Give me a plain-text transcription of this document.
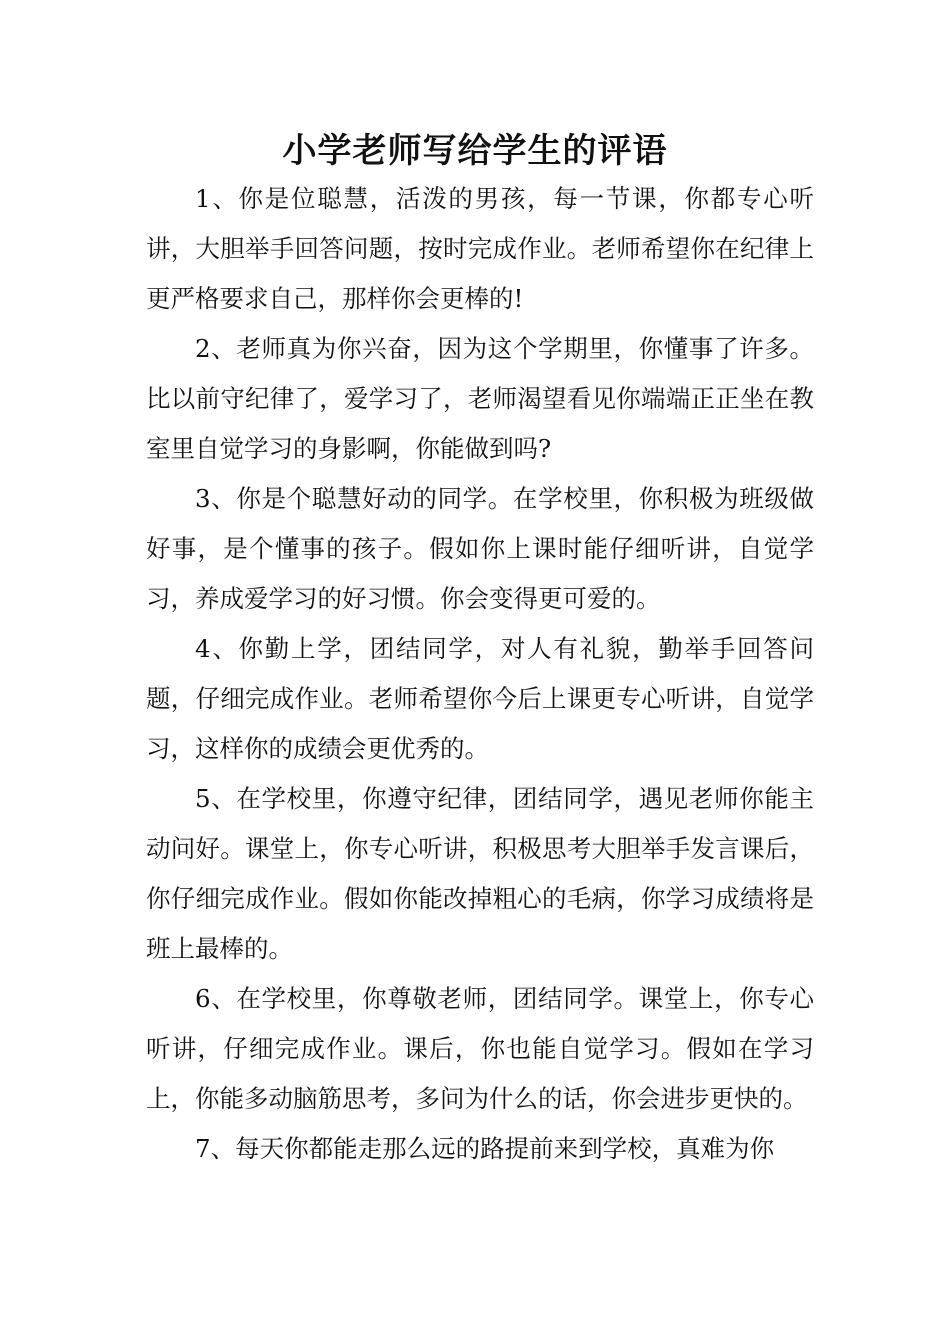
小学老师写给学生的评语

1、你是位聪慧，活泼的男孩，每一节课，你都专心听讲，大胆举手回答问题，按时完成作业。老师希望你在纪律上更严格要求自己，那样你会更棒的!

2、老师真为你兴奋，因为这个学期里，你懂事了许多。比以前守纪律了，爱学习了，老师渴望看见你端端正正坐在教室里自觉学习的身影啊，你能做到吗?

3、你是个聪慧好动的同学。在学校里，你积极为班级做好事，是个懂事的孩子。假如你上课时能仔细听讲，自觉学习，养成爱学习的好习惯。你会变得更可爱的。

4、你勤上学，团结同学，对人有礼貌，勤举手回答问题，仔细完成作业。老师希望你今后上课更专心听讲，自觉学习，这样你的成绩会更优秀的。

5、在学校里，你遵守纪律，团结同学，遇见老师你能主动问好。课堂上，你专心听讲，积极思考大胆举手发言课后，你仔细完成作业。假如你能改掉粗心的毛病，你学习成绩将是班上最棒的。

6、在学校里，你尊敬老师，团结同学。课堂上，你专心听讲，仔细完成作业。课后，你也能自觉学习。假如在学习上，你能多动脑筋思考，多问为什么的话，你会进步更快的。

7、每天你都能走那么远的路提前来到学校，真难为你
